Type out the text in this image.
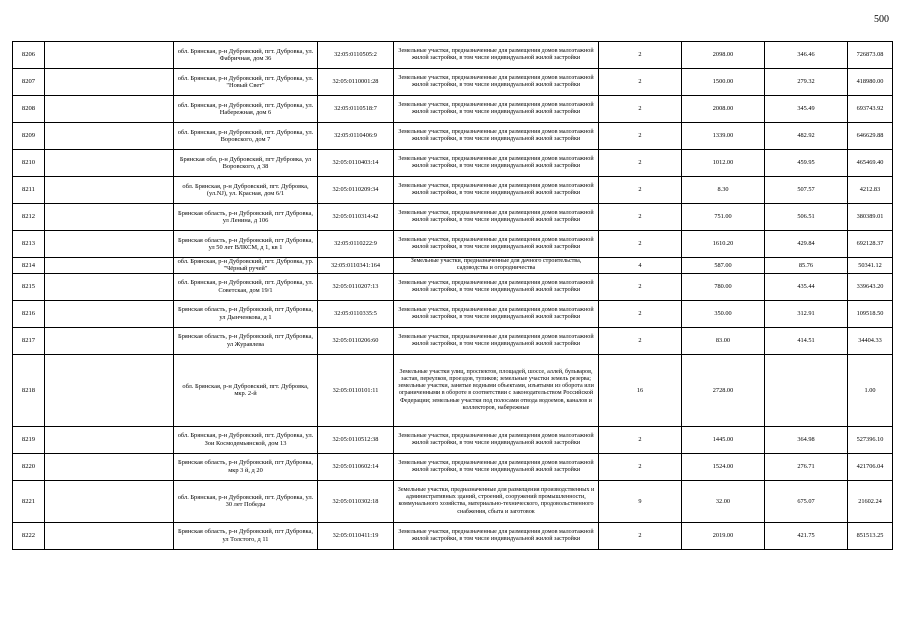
500
8206		обл. Брянская, р-н Дубровский, пгт. Дубровка, ул. Фабричная, дом 36	32:05:0110505:2	Земельные участки, предназначенные для размещения домов малоэтажной жилой застройки, в том числе индивидуальной жилой застройки	2	2098.00	346.46	726873.08
8207		обл. Брянская, р-н Дубровский, пгт. Дубровка, ул. "Новый Свет"	32:05:0110001:28	Земельные участки, предназначенные для размещения домов малоэтажной жилой застройки, в том числе индивидуальной жилой застройки	2	1500.00	279.32	418980.00
8208		обл. Брянская, р-н Дубровский, пгт. Дубровка, ул. Набережная, дом 6	32:05:0110518:7	Земельные участки, предназначенные для размещения домов малоэтажной жилой застройки, в том числе индивидуальной жилой застройки	2	2008.00	345.49	693743.92
8209		обл. Брянская, р-н Дубровский, пгт. Дубровка, ул. Воровского, дом 7	32:05:0110406:9	Земельные участки, предназначенные для размещения домов малоэтажной жилой застройки, в том числе индивидуальной жилой застройки	2	1339.00	482.92	646629.88
8210		Брянская обл, р-н Дубровский, пгт Дубровка, ул Воровского, д 38	32:05:0110403:14	Земельные участки, предназначенные для размещения домов малоэтажной жилой застройки, в том числе индивидуальной жилой застройки	2	1012.00	459.95	465469.40
8211		обл. Брянская, р-н Дубровский, пгт. Дубровка, (ул.NJ), ул. Красная, дом 6/1	32:05:0110209:34	Земельные участки, предназначенные для размещения домов малоэтажной жилой застройки, в том числе индивидуальной жилой застройки	2	8.30	507.57	4212.83
8212		Брянская область, р-н Дубровский, пгт Дубровка, ул Ленина, д 106	32:05:0110314:42	Земельные участки, предназначенные для размещения домов малоэтажной жилой застройки, в том числе индивидуальной жилой застройки	2	751.00	506.51	380389.01
8213		Брянская область, р-н Дубровский, пгт Дубровка, ул 50 лет ВЛКСМ, д 1, кв 1	32:05:0110222:9	Земельные участки, предназначенные для размещения домов малоэтажной жилой застройки, в том числе индивидуальной жилой застройки	2	1610.20	429.84	692128.37
8214		обл. Брянская, р-н Дубровский, пгт. Дубровка, ур. "Чёрный ручей"	32:05:0110341:164	Земельные участки, предназначенные для дачного строительства, садоводства и огородничества	4	587.00	85.76	50341.12
8215		обл. Брянская, р-н Дубровский, пгт. Дубровка, ул. Советская, дом 19/1	32:05:0110207:13	Земельные участки, предназначенные для размещения домов малоэтажной жилой застройки, в том числе индивидуальной жилой застройки	2	780.00	435.44	339643.20
8216		Брянская область, р-н Дубровский, пгт Дубровка, ул Дынченкова, д 1	32:05:0110335:5	Земельные участки, предназначенные для размещения домов малоэтажной жилой застройки, в том числе индивидуальной жилой застройки	2	350.00	312.91	109518.50
8217		Брянская область, р-н Дубровский, пгт Дубровка, ул Журавлева	32:05:0110206:60	Земельные участки, предназначенные для размещения домов малоэтажной жилой застройки, в том числе индивидуальной жилой застройки	2	83.00	414.51	34404.33
8218		обл. Брянская, р-н Дубровский, пгт. Дубровка, мкр. 2-й	32:05:0110101:11	Земельные участки улиц, проспектов, площадей, шоссе, аллей, бульваров, застав, переулков, проездов, тупиков; земельные участки земель резерва; земельные участки, занятые водными объектами, изъятыми из оборота или ограниченными в обороте в соответствии с законодательством Российской Федерации; земельные участки под полосами отвода водоемов, каналов и коллекторов, набережные	16	2728.00		1.00
8219		обл. Брянская, р-н Дубровский, пгт. Дубровка, ул. Зои Космодемьянской, дом 13	32:05:0110512:38	Земельные участки, предназначенные для размещения домов малоэтажной жилой застройки, в том числе индивидуальной жилой застройки	2	1445.00	364.98	527396.10
8220		Брянская область, р-н Дубровский, пгт Дубровка, мкр 3 й, д 20	32:05:0110602:14	Земельные участки, предназначенные для размещения домов малоэтажной жилой застройки, в том числе индивидуальной жилой застройки	2	1524.00	276.71	421706.04
8221		обл. Брянская, р-н Дубровский, пгт. Дубровка, ул. 30 лет Победы	32:05:0110302:18	Земельные участки, предназначенные для размещения производственных и административных зданий, строений, сооружений промышленности, коммунального хозяйства, материально-технического, продовольственного снабжения, сбыта и заготовок	9	32.00	675.07	21602.24
8222		Брянская область, р-н Дубровский, пгт Дубровка, ул Толстого, д 11	32:05:0110411:19	Земельные участки, предназначенные для размещения домов малоэтажной жилой застройки, в том числе индивидуальной жилой застройки	2	2019.00	421.75	851513.25
